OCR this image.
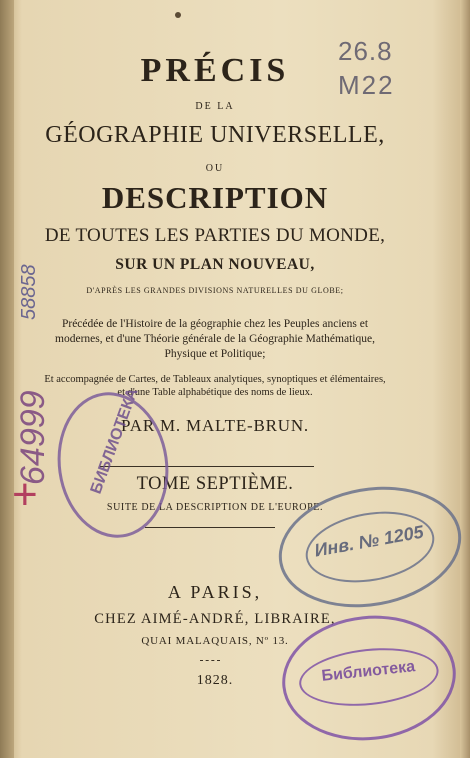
26.8
M22
58858
+
64999
PRÉCIS
DE LA
GÉOGRAPHIE UNIVERSELLE,
OU
DESCRIPTION
DE TOUTES LES PARTIES DU MONDE,
SUR UN PLAN NOUVEAU,
D'APRÈS LES GRANDES DIVISIONS NATURELLES DU GLOBE;
Précédée de l'Histoire de la géographie chez les Peuples anciens et modernes, et d'une Théorie générale de la Géographie Mathématique, Physique et Politique;
Et accompagnée de Cartes, de Tableaux analytiques, synoptiques et élémentaires, et d'une Table alphabétique des noms de lieux.
PAR M. MALTE-BRUN.
TOME SEPTIÈME.
SUITE DE LA DESCRIPTION DE L'EUROPE.
A PARIS,
CHEZ AIMÉ-ANDRÉ, LIBRAIRE,
QUAI MALAQUAIS, Nº 13.
1828.
БИБЛИОТЕКА
Инв. № 1205
Библиотека
